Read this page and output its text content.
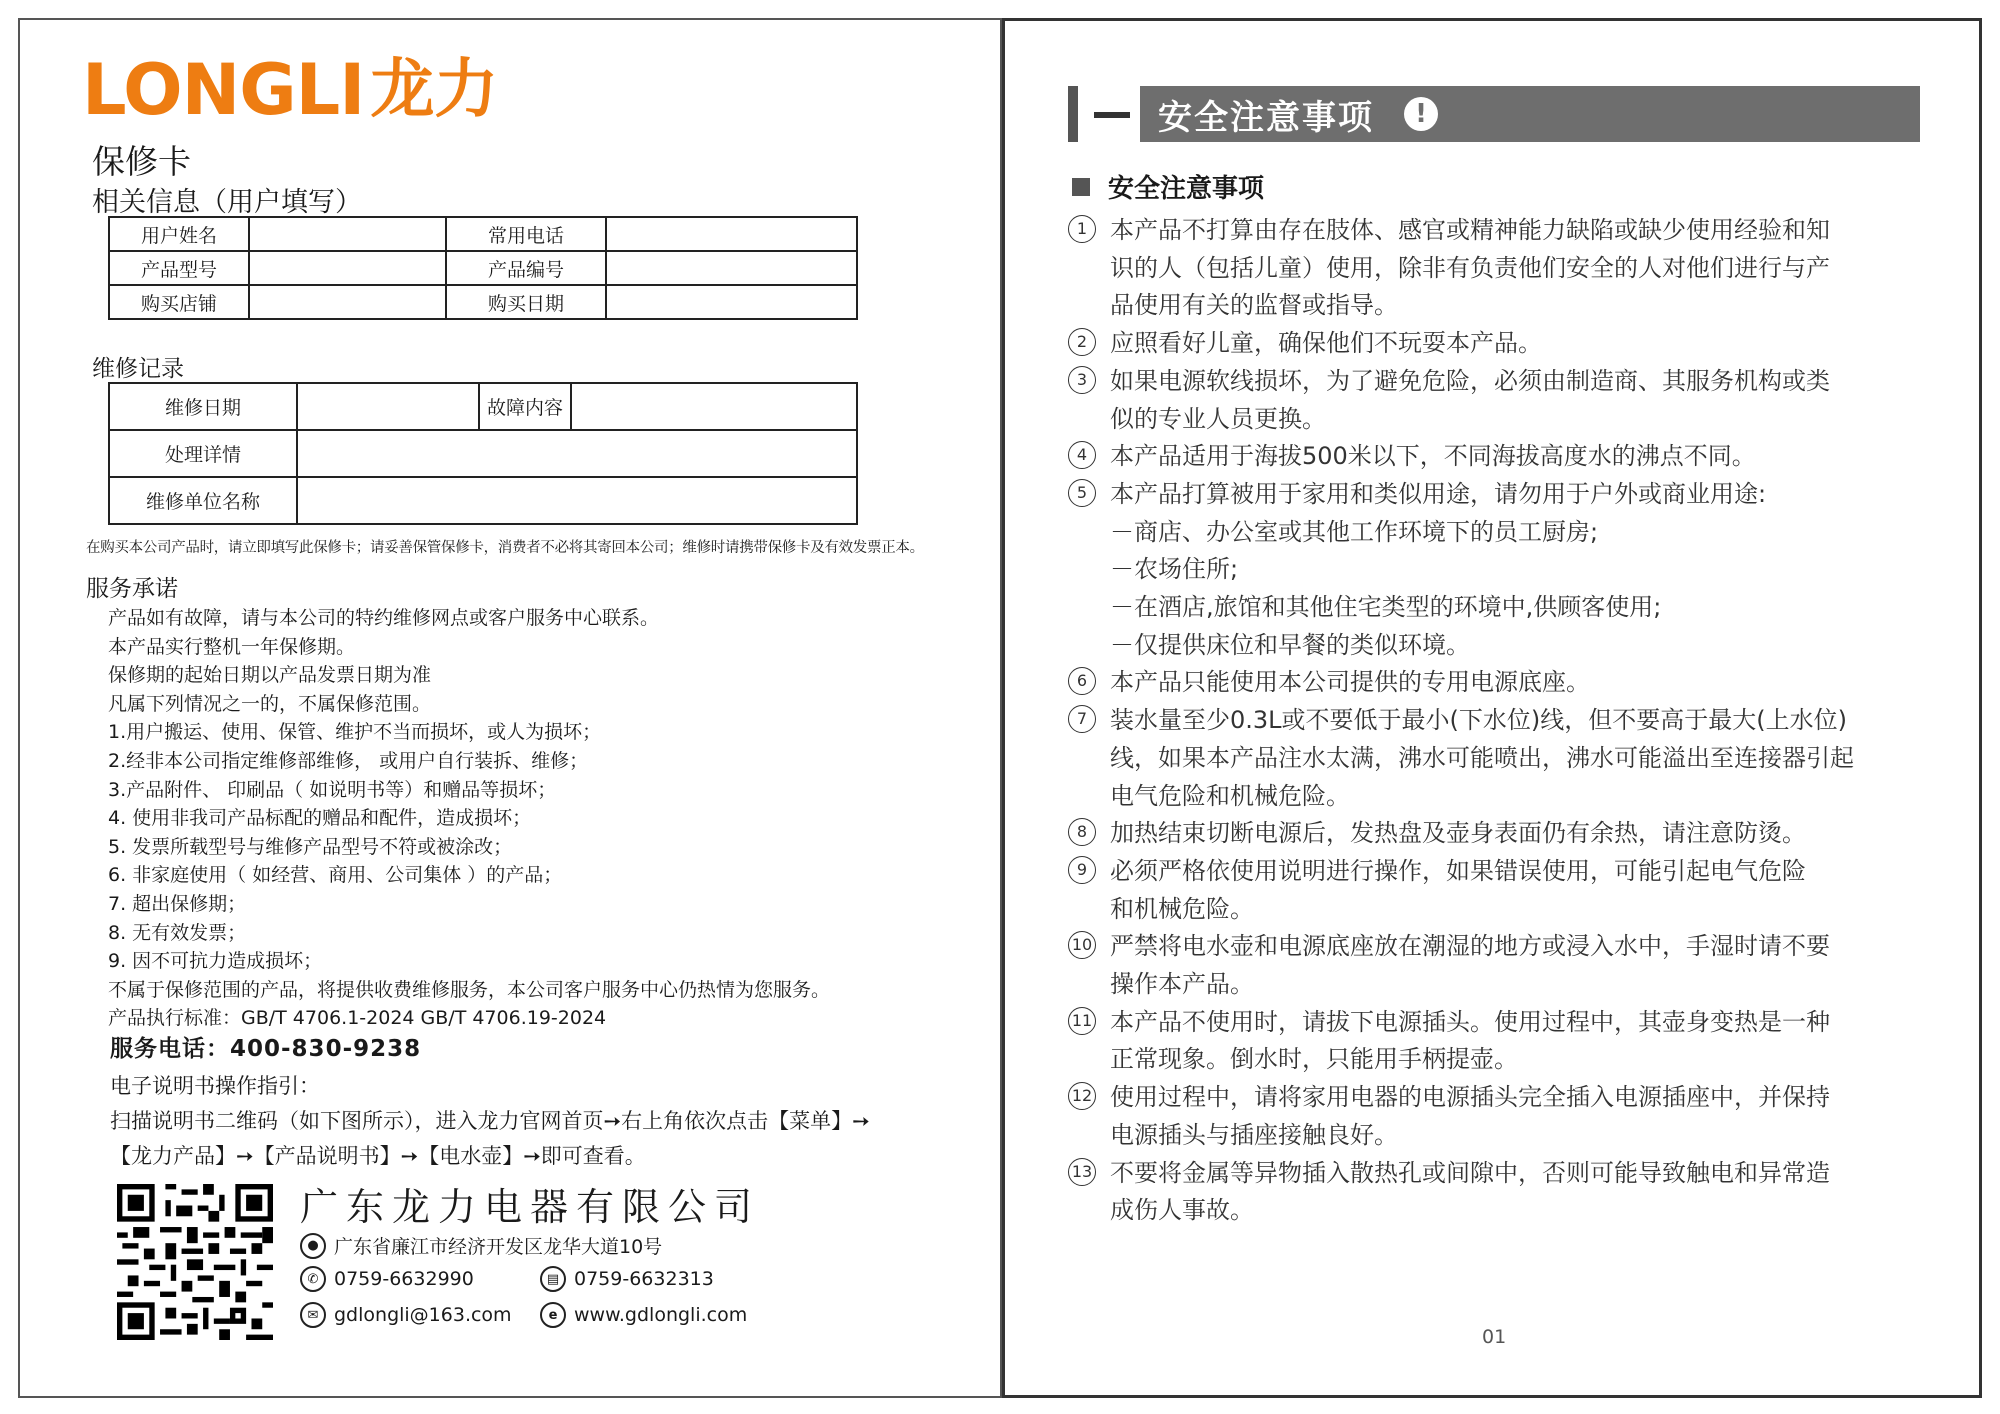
LONGLI 龙力
保修卡
相关信息（用户填写）
用户姓名		常用电话	
产品型号		产品编号	
购买店铺		购买日期	
维修记录
维修日期		故障内容	
处理详情			
维修单位名称			
在购买本公司产品时，请立即填写此保修卡；请妥善保管保修卡，消费者不必将其寄回本公司；维修时请携带保修卡及有效发票正本。
服务承诺
产品如有故障，请与本公司的特约维修网点或客户服务中心联系。
本产品实行整机一年保修期。
保修期的起始日期以产品发票日期为准
凡属下列情况之一的，不属保修范围。
1.用户搬运、使用、保管、维护不当而损坏，或人为损坏；
2.经非本公司指定维修部维修， 或用户自行装拆、维修；
3.产品附件、 印刷品（ 如说明书等）和赠品等损坏；
4. 使用非我司产品标配的赠品和配件，造成损坏；
5. 发票所载型号与维修产品型号不符或被涂改；
6. 非家庭使用（ 如经营、商用、公司集体 ）的产品；
7. 超出保修期；
8. 无有效发票；
9. 因不可抗力造成损坏；
不属于保修范围的产品，将提供收费维修服务，本公司客户服务中心仍热情为您服务。
产品执行标准：GB/T 4706.1-2024 GB/T 4706.19-2024
服务电话：400-830-9238
电子说明书操作指引：
扫描说明书二维码（如下图所示），进入龙力官网首页➙右上角依次点击【菜单】➙
【龙力产品】➙【产品说明书】➙【电水壶】➙即可查看。
广东龙力电器有限公司
● 广东省廉江市经济开发区龙华大道10号
✆ 0759-6632990	▤ 0759-6632313
✉ gdlongli@163.com	e www.gdlongli.com
安全注意事项	!
安全注意事项
1 本产品不打算由存在肢体、感官或精神能力缺陷或缺少使用经验和知
识的人（包括儿童）使用，除非有负责他们安全的人对他们进行与产
品使用有关的监督或指导。
2 应照看好儿童，确保他们不玩耍本产品。
3 如果电源软线损坏，为了避免危险，必须由制造商、其服务机构或类
似的专业人员更换。
4 本产品适用于海拔500米以下，不同海拔高度水的沸点不同。
5 本产品打算被用于家用和类似用途，请勿用于户外或商业用途:
－商店、办公室或其他工作环境下的员工厨房;
－农场住所;
－在酒店,旅馆和其他住宅类型的环境中,供顾客使用;
－仅提供床位和早餐的类似环境。
6 本产品只能使用本公司提供的专用电源底座。
7 装水量至少0.3L或不要低于最小(下水位)线，但不要高于最大(上水位)
线，如果本产品注水太满，沸水可能喷出，沸水可能溢出至连接器引起
电气危险和机械危险。
8 加热结束切断电源后，发热盘及壶身表面仍有余热，请注意防烫。
9 必须严格依使用说明进行操作，如果错误使用，可能引起电气危险
和机械危险。
10 严禁将电水壶和电源底座放在潮湿的地方或浸入水中，手湿时请不要
操作本产品。
11 本产品不使用时，请拔下电源插头。使用过程中，其壶身变热是一种
正常现象。倒水时，只能用手柄提壶。
12 使用过程中，请将家用电器的电源插头完全插入电源插座中，并保持
电源插头与插座接触良好。
13 不要将金属等异物插入散热孔或间隙中，否则可能导致触电和异常造
成伤人事故。
01
